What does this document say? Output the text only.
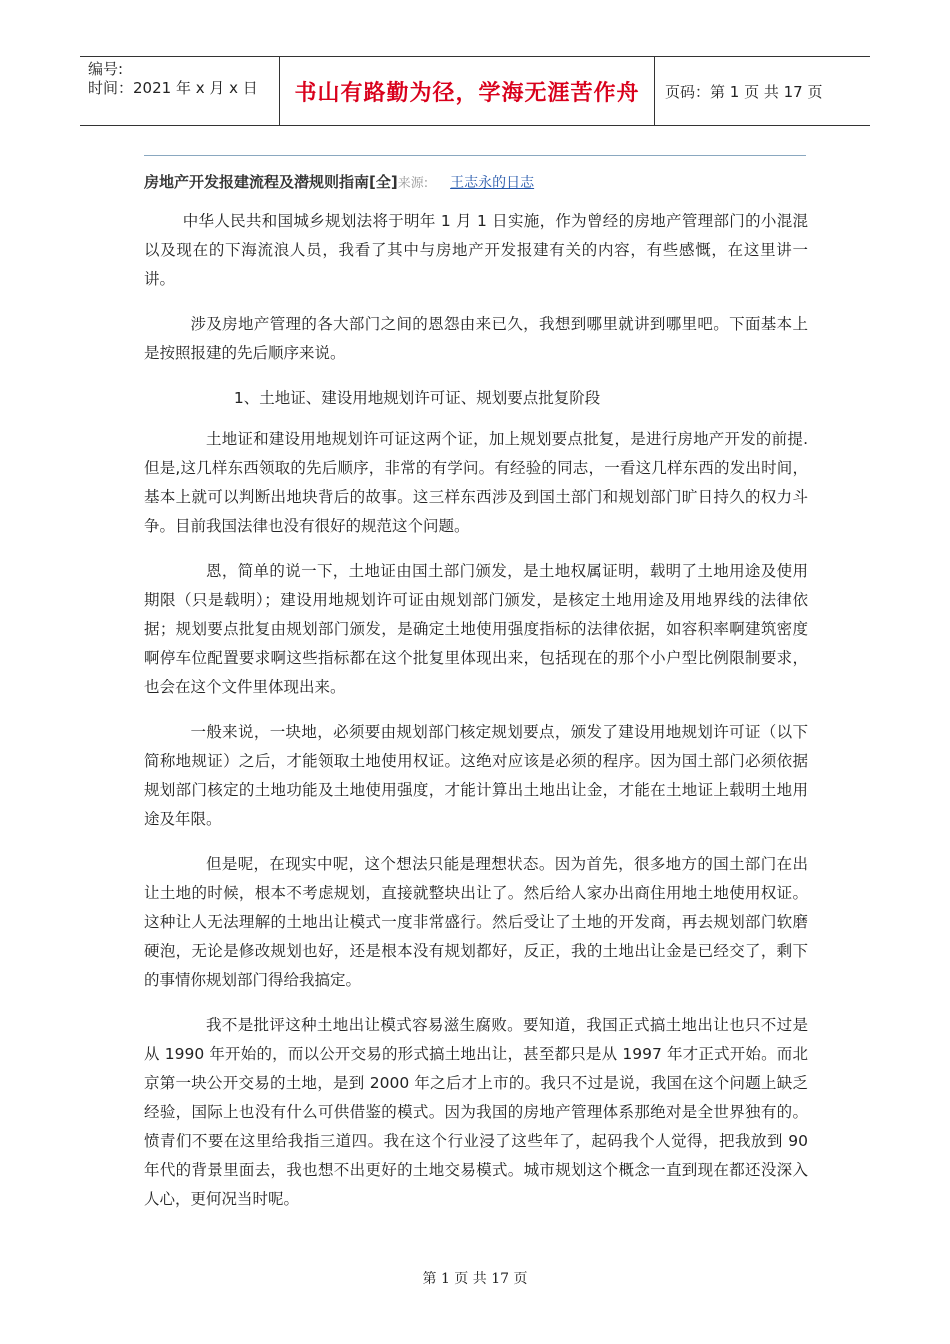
编号:
时间：2021 年 x 月 x 日	书山有路勤为径，学海无涯苦作舟 页码：第 1 页 共 17 页
房地产开发报建流程及潜规则指南[全]来源: 王志永的日志

中华人民共和国城乡规划法将于明年 1 月 1 日实施，作为曾经的房地产管理部门的小混混以及现在的下海流浪人员，我看了其中与房地产开发报建有关的内容，有些感慨，在这里讲一讲。

涉及房地产管理的各大部门之间的恩怨由来已久，我想到哪里就讲到哪里吧。下面基本上是按照报建的先后顺序来说。

1、土地证、建设用地规划许可证、规划要点批复阶段

土地证和建设用地规划许可证这两个证，加上规划要点批复，是进行房地产开发的前提.但是,这几样东西领取的先后顺序，非常的有学问。有经验的同志，一看这几样东西的发出时间，基本上就可以判断出地块背后的故事。这三样东西涉及到国土部门和规划部门旷日持久的权力斗争。目前我国法律也没有很好的规范这个问题。

恩，简单的说一下，土地证由国土部门颁发，是土地权属证明，载明了土地用途及使用期限（只是载明）；建设用地规划许可证由规划部门颁发，是核定土地用途及用地界线的法律依据；规划要点批复由规划部门颁发，是确定土地使用强度指标的法律依据，如容积率啊建筑密度啊停车位配置要求啊这些指标都在这个批复里体现出来，包括现在的那个小户型比例限制要求，也会在这个文件里体现出来。

一般来说，一块地，必须要由规划部门核定规划要点，颁发了建设用地规划许可证（以下简称地规证）之后，才能领取土地使用权证。这绝对应该是必须的程序。因为国土部门必须依据规划部门核定的土地功能及土地使用强度，才能计算出土地出让金，才能在土地证上载明土地用途及年限。

但是呢，在现实中呢，这个想法只能是理想状态。因为首先，很多地方的国土部门在出让土地的时候，根本不考虑规划，直接就整块出让了。然后给人家办出商住用地土地使用权证。这种让人无法理解的土地出让模式一度非常盛行。然后受让了土地的开发商，再去规划部门软磨硬泡，无论是修改规划也好，还是根本没有规划都好，反正，我的土地出让金是已经交了，剩下的事情你规划部门得给我搞定。

我不是批评这种土地出让模式容易滋生腐败。要知道，我国正式搞土地出让也只不过是从 1990 年开始的，而以公开交易的形式搞土地出让，甚至都只是从 1997 年才正式开始。而北京第一块公开交易的土地，是到 2000 年之后才上市的。我只不过是说，我国在这个问题上缺乏经验，国际上也没有什么可供借鉴的模式。因为我国的房地产管理体系那绝对是全世界独有的。愤青们不要在这里给我指三道四。我在这个行业浸了这些年了，起码我个人觉得，把我放到 90 年代的背景里面去，我也想不出更好的土地交易模式。城市规划这个概念一直到现在都还没深入人心，更何况当时呢。

第 1 页 共 17 页
